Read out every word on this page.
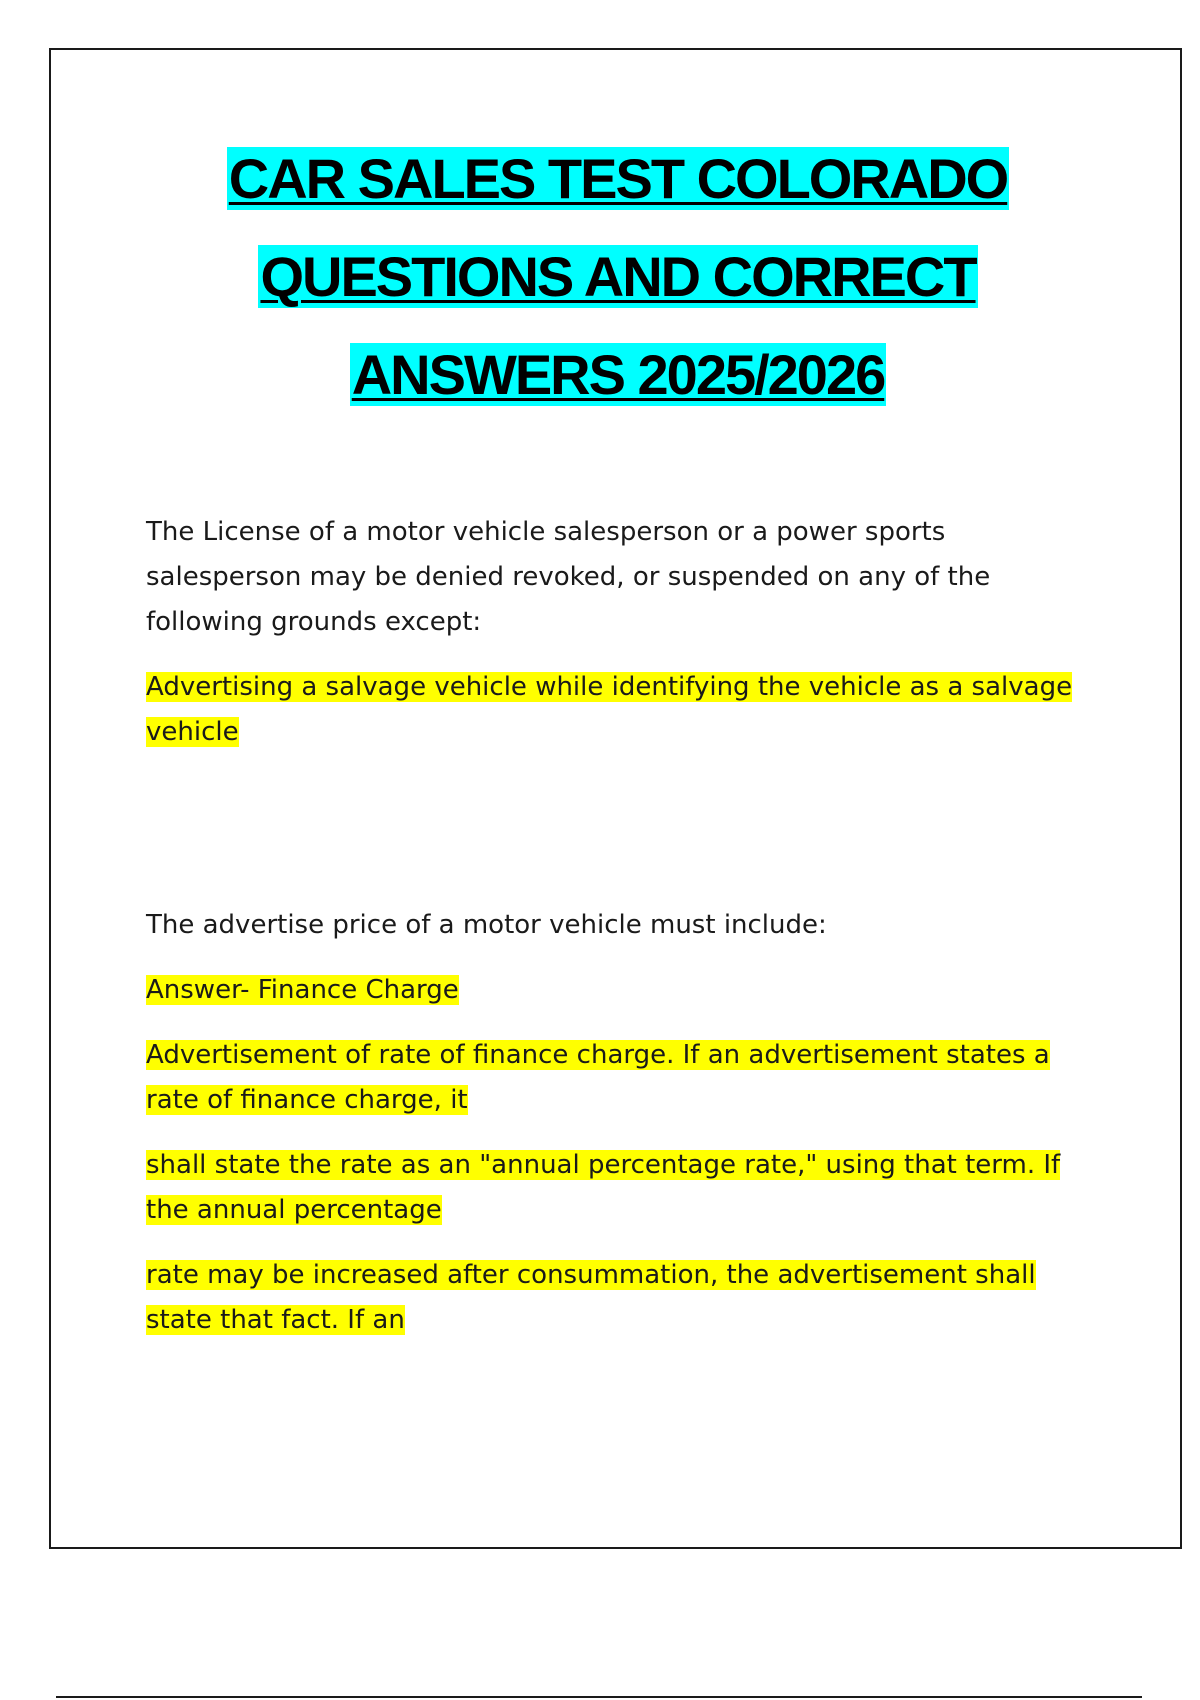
CAR SALES TEST COLORADO
QUESTIONS AND CORRECT
ANSWERS 2025/2026

The License of a motor vehicle salesperson or a power sports salesperson may be denied revoked, or suspended on any of the following grounds except:

Advertising a salvage vehicle while identifying the vehicle as a salvage vehicle

The advertise price of a motor vehicle must include:

Answer- Finance Charge

Advertisement of rate of finance charge. If an advertisement states a rate of finance charge, it

shall state the rate as an "annual percentage rate," using that term. If the annual percentage

rate may be increased after consummation, the advertisement shall state that fact. If an
